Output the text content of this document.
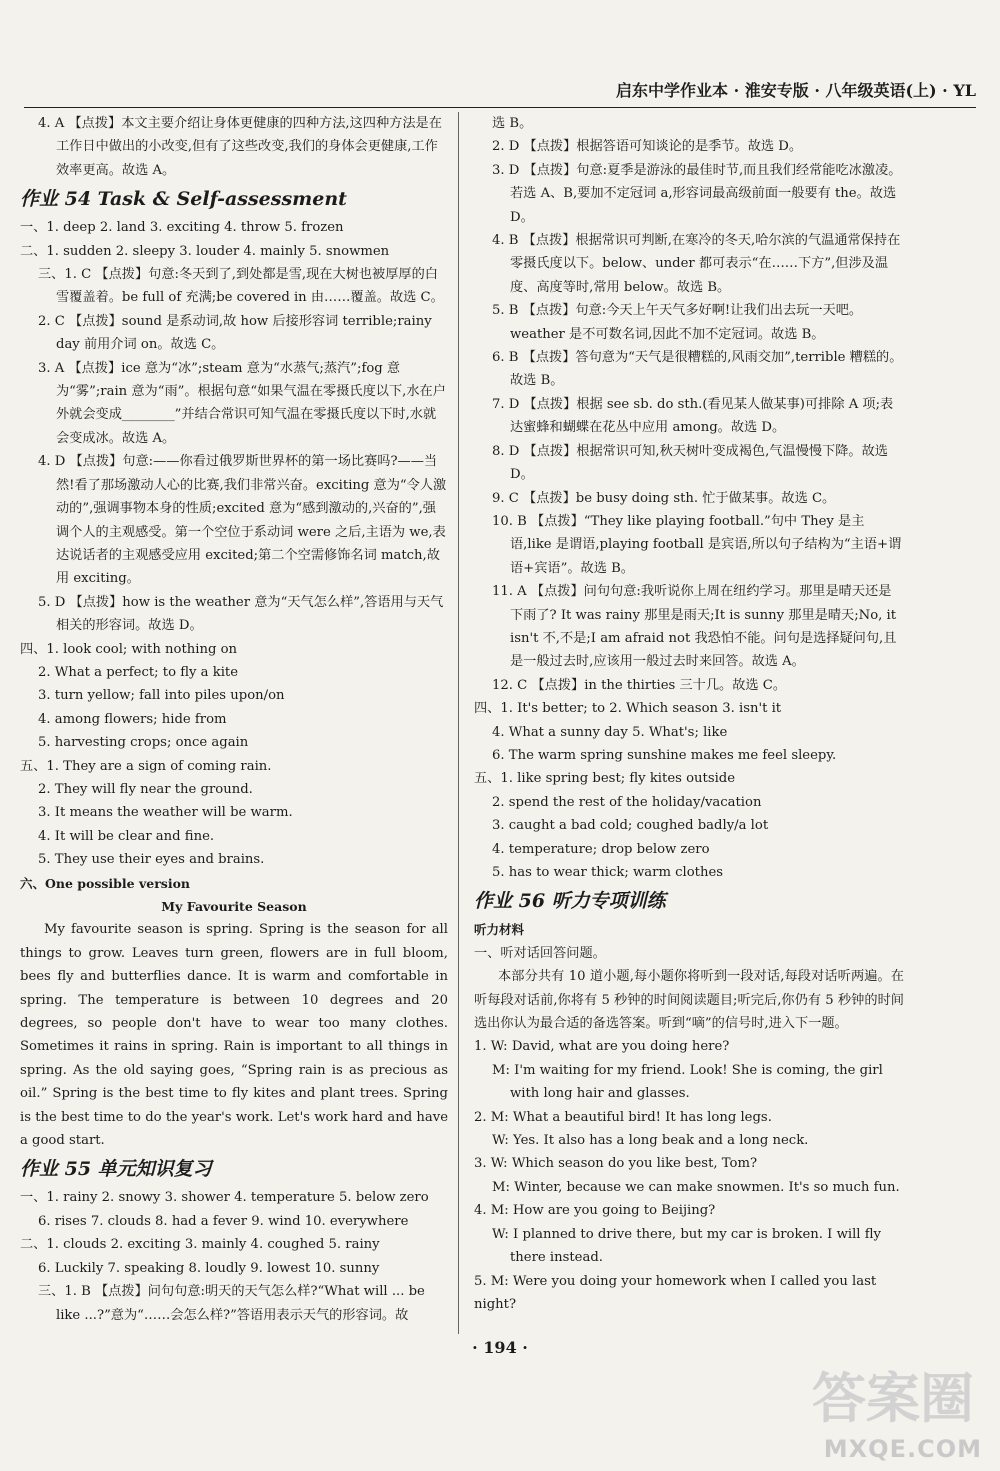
启东中学作业本 · 淮安专版 · 八年级英语(上) · YL

4. A 【点拨】本文主要介绍让身体更健康的四种方法,这四种方法是在工作日中做出的小改变,但有了这些改变,我们的身体会更健康,工作效率更高。故选 A。

作业 54 Task & Self-assessment

一、1. deep 2. land 3. exciting 4. throw 5. frozen

二、1. sudden 2. sleepy 3. louder 4. mainly 5. snowmen

三、1. C 【点拨】句意:冬天到了,到处都是雪,现在大树也被厚厚的白雪覆盖着。be full of 充满;be covered in 由……覆盖。故选 C。

2. C 【点拨】sound 是系动词,故 how 后接形容词 terrible;rainy day 前用介词 on。故选 C。

3. A 【点拨】ice 意为“冰”;steam 意为“水蒸气;蒸汽”;fog 意为“雾”;rain 意为“雨”。根据句意“如果气温在零摄氏度以下,水在户外就会变成________”并结合常识可知气温在零摄氏度以下时,水就会变成冰。故选 A。

4. D 【点拨】句意:——你看过俄罗斯世界杯的第一场比赛吗?——当然!看了那场激动人心的比赛,我们非常兴奋。exciting 意为“令人激动的”,强调事物本身的性质;excited 意为“感到激动的,兴奋的”,强调个人的主观感受。第一个空位于系动词 were 之后,主语为 we,表达说话者的主观感受应用 excited;第二个空需修饰名词 match,故用 exciting。

5. D 【点拨】how is the weather 意为“天气怎么样”,答语用与天气相关的形容词。故选 D。

四、1. look cool; with nothing on

2. What a perfect; to fly a kite

3. turn yellow; fall into piles upon/on

4. among flowers; hide from

5. harvesting crops; once again

五、1. They are a sign of coming rain.

2. They will fly near the ground.

3. It means the weather will be warm.

4. It will be clear and fine.

5. They use their eyes and brains.

六、One possible version

My Favourite Season

My favourite season is spring. Spring is the season for all things to grow. Leaves turn green, flowers are in full bloom, bees fly and butterflies dance. It is warm and comfortable in spring. The temperature is between 10 degrees and 20 degrees, so people don't have to wear too many clothes. Sometimes it rains in spring. Rain is important to all things in spring. As the old saying goes, “Spring rain is as precious as oil.” Spring is the best time to fly kites and plant trees. Spring is the best time to do the year's work. Let's work hard and have a good start.

作业 55 单元知识复习

一、1. rainy 2. snowy 3. shower 4. temperature 5. below zero

6. rises 7. clouds 8. had a fever 9. wind 10. everywhere

二、1. clouds 2. exciting 3. mainly 4. coughed 5. rainy

6. Luckily 7. speaking 8. loudly 9. lowest 10. sunny

三、1. B 【点拨】问句句意:明天的天气怎么样?“What will ... be like ...?”意为“……会怎么样?”答语用表示天气的形容词。故

选 B。

2. D 【点拨】根据答语可知谈论的是季节。故选 D。

3. D 【点拨】句意:夏季是游泳的最佳时节,而且我们经常能吃冰激凌。若选 A、B,要加不定冠词 a,形容词最高级前面一般要有 the。故选 D。

4. B 【点拨】根据常识可判断,在寒冷的冬天,哈尔滨的气温通常保持在零摄氏度以下。below、under 都可表示“在……下方”,但涉及温度、高度等时,常用 below。故选 B。

5. B 【点拨】句意:今天上午天气多好啊!让我们出去玩一天吧。weather 是不可数名词,因此不加不定冠词。故选 B。

6. B 【点拨】答句意为“天气是很糟糕的,风雨交加”,terrible 糟糕的。故选 B。

7. D 【点拨】根据 see sb. do sth.(看见某人做某事)可排除 A 项;表达蜜蜂和蝴蝶在花丛中应用 among。故选 D。

8. D 【点拨】根据常识可知,秋天树叶变成褐色,气温慢慢下降。故选 D。

9. C 【点拨】be busy doing sth. 忙于做某事。故选 C。

10. B 【点拨】“They like playing football.”句中 They 是主语,like 是谓语,playing football 是宾语,所以句子结构为“主语+谓语+宾语”。故选 B。

11. A 【点拨】问句句意:我听说你上周在纽约学习。那里是晴天还是下雨了? It was rainy 那里是雨天;It is sunny 那里是晴天;No, it isn't 不,不是;I am afraid not 我恐怕不能。问句是选择疑问句,且是一般过去时,应该用一般过去时来回答。故选 A。

12. C 【点拨】in the thirties 三十几。故选 C。

四、1. It's better; to 2. Which season 3. isn't it

4. What a sunny day 5. What's; like

6. The warm spring sunshine makes me feel sleepy.

五、1. like spring best; fly kites outside

2. spend the rest of the holiday/vacation

3. caught a bad cold; coughed badly/a lot

4. temperature; drop below zero

5. has to wear thick; warm clothes

作业 56 听力专项训练

听力材料

一、听对话回答问题。

本部分共有 10 道小题,每小题你将听到一段对话,每段对话听两遍。在听每段对话前,你将有 5 秒钟的时间阅读题目;听完后,你仍有 5 秒钟的时间选出你认为最合适的备选答案。听到“嘀”的信号时,进入下一题。

1. W: David, what are you doing here?

M: I'm waiting for my friend. Look! She is coming, the girl with long hair and glasses.

2. M: What a beautiful bird! It has long legs.

W: Yes. It also has a long beak and a long neck.

3. W: Which season do you like best, Tom?

M: Winter, because we can make snowmen. It's so much fun.

4. M: How are you going to Beijing?

W: I planned to drive there, but my car is broken. I will fly there instead.

5. M: Were you doing your homework when I called you last night?

· 194 ·
答案圈
MXQE.COM
